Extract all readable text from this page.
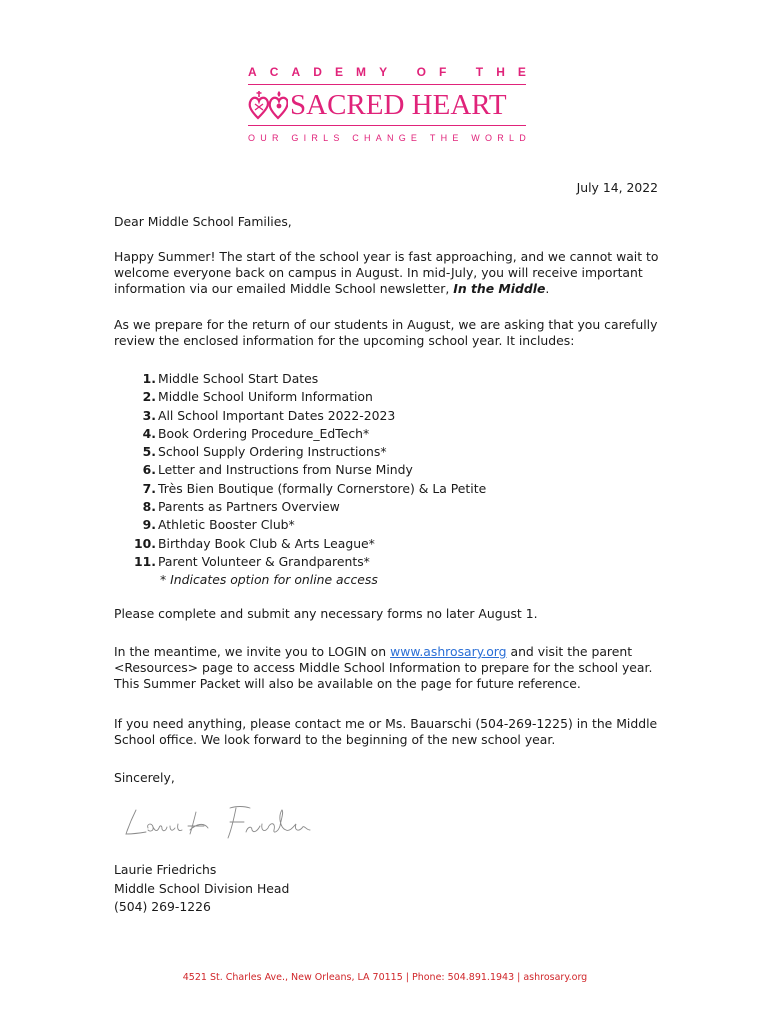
A C A D E M Y
O F
T H E
SACRED HEART
O U R
G I R L S
C H A N G E
T H E
W O R L D
July 14, 2022
Dear Middle School Families,
Happy Summer! The start of the school year is fast approaching, and we cannot wait to welcome everyone back on campus in August. In mid-July, you will receive important information via our emailed Middle School newsletter, In the Middle.
As we prepare for the return of our students in August, we are asking that you carefully review the enclosed information for the upcoming school year. It includes:
1. Middle School Start Dates
2. Middle School Uniform Information
3. All School Important Dates 2022-2023
4. Book Ordering Procedure_EdTech*
5. School Supply Ordering Instructions*
6. Letter and Instructions from Nurse Mindy
7. Très Bien Boutique (formally Cornerstore) & La Petite
8. Parents as Partners Overview
9. Athletic Booster Club*
10. Birthday Book Club & Arts League*
11. Parent Volunteer & Grandparents*
* Indicates option for online access
Please complete and submit any necessary forms no later August 1.
In the meantime, we invite you to LOGIN on www.ashrosary.org and visit the parent <Resources> page to access Middle School Information to prepare for the school year. This Summer Packet will also be available on the page for future reference.
If you need anything, please contact me or Ms. Bauarschi (504-269-1225) in the Middle School office. We look forward to the beginning of the new school year.
Sincerely,
Laurie Friedrichs
Middle School Division Head
(504) 269-1226
4521 St. Charles Ave., New Orleans, LA 70115 | Phone: 504.891.1943 | ashrosary.org
